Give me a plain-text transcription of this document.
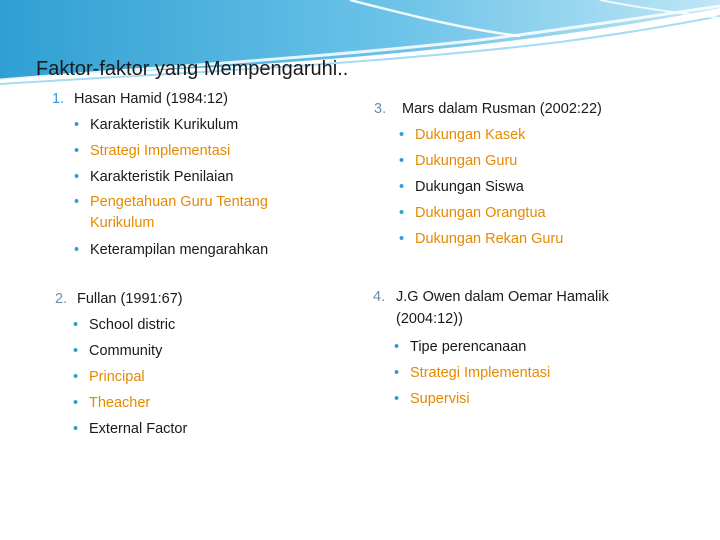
Faktor-faktor yang Mempengaruhi..
1. Hasan Hamid (1984:12)
• Karakteristik Kurikulum
• Strategi Implementasi
• Karakteristik Penilaian
• Pengetahuan Guru Tentang Kurikulum
• Keterampilan mengarahkan
2. Fullan (1991:67)
• School distric
• Community
• Principal
• Theacher
• External Factor
3. Mars dalam Rusman (2002:22)
• Dukungan Kasek
• Dukungan Guru
• Dukungan Siswa
• Dukungan Orangtua
• Dukungan Rekan Guru
4. J.G Owen dalam Oemar Hamalik (2004:12))
• Tipe perencanaan
• Strategi Implementasi
• Supervisi
